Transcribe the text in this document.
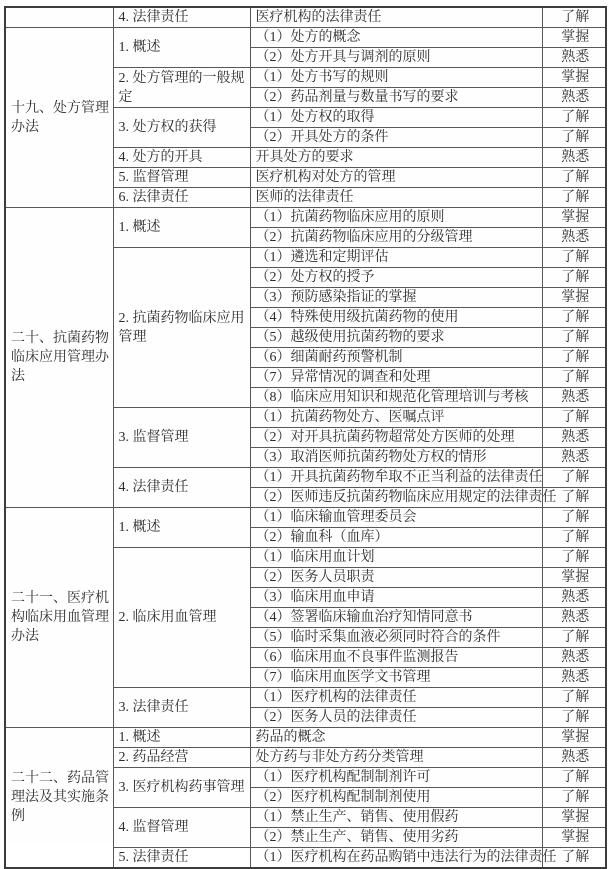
	4. 法律责任	医疗机构的法律责任	了解
十九、处方管理办法	1. 概述	（1）处方的概念	掌握
		（2）处方开具与调剂的原则	熟悉
	2. 处方管理的一般规定	（1）处方书写的规则	掌握
		（2）药品剂量与数量书写的要求	熟悉
	3. 处方权的获得	（1）处方权的取得	了解
		（2）开具处方的条件	了解
	4. 处方的开具	开具处方的要求	熟悉
	5. 监督管理	医疗机构对处方的管理	了解
	6. 法律责任	医师的法律责任	了解
二十、抗菌药物临床应用管理办法	1. 概述	（1）抗菌药物临床应用的原则	掌握
		（2）抗菌药物临床应用的分级管理	熟悉
	2. 抗菌药物临床应用管理	（1）遴选和定期评估	了解
		（2）处方权的授予	了解
		（3）预防感染指证的掌握	掌握
		（4）特殊使用级抗菌药物的使用	了解
		（5）越级使用抗菌药物的要求	了解
		（6）细菌耐药预警机制	了解
		（7）异常情况的调查和处理	了解
		（8）临床应用知识和规范化管理培训与考核	熟悉
	3. 监督管理	（1）抗菌药物处方、医嘱点评	了解
		（2）对开具抗菌药物超常处方医师的处理	熟悉
		（3）取消医师抗菌药物处方权的情形	熟悉
	4. 法律责任	（1）开具抗菌药物牟取不正当利益的法律责任	了解
		（2）医师违反抗菌药物临床应用规定的法律责任	了解
二十一、医疗机构临床用血管理办法	1. 概述	（1）临床输血管理委员会	了解
		（2）输血科（血库）	了解
	2. 临床用血管理	（1）临床用血计划	了解
		（2）医务人员职责	掌握
		（3）临床用血申请	熟悉
		（4）签署临床输血治疗知情同意书	熟悉
		（5）临时采集血液必须同时符合的条件	了解
		（6）临床用血不良事件监测报告	熟悉
		（7）临床用血医学文书管理	熟悉
	3. 法律责任	（1）医疗机构的法律责任	了解
		（2）医务人员的法律责任	了解
二十二、药品管理法及其实施条例	1. 概述	药品的概念	掌握
	2. 药品经营	处方药与非处方药分类管理	熟悉
	3. 医疗机构药事管理	（1）医疗机构配制制剂许可	了解
		（2）医疗机构配制制剂使用	了解
	4. 监督管理	（1）禁止生产、销售、使用假药	掌握
		（2）禁止生产、销售、使用劣药	掌握
	5. 法律责任	（1）医疗机构在药品购销中违法行为的法律责任	了解
